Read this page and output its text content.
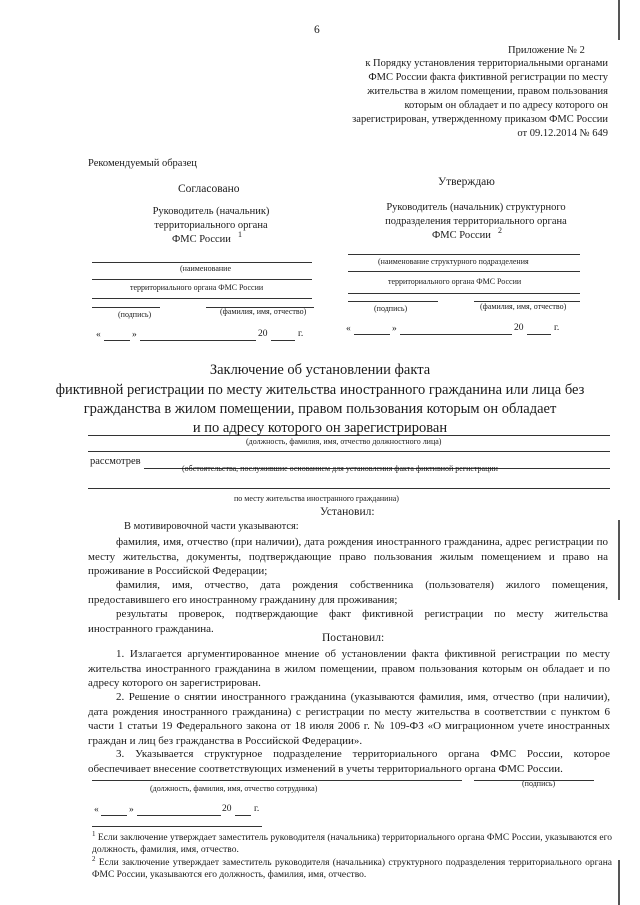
6
Приложение № 2
к Порядку установления территориальными органами
ФМС России факта фиктивной регистрации по месту
жительства в жилом помещении, правом пользования
которым он обладает и по адресу которого он
зарегистрирован, утвержденному приказом ФМС России
от 09.12.2014 № 649
Рекомендуемый образец
Согласовано
Руководитель (начальник)
территориального органа
ФМС России 1
(наименование
территориального органа ФМС России
(подпись)	(фамилия, имя, отчество)
«	»	20	г.
Утверждаю
Руководитель (начальник) структурного
подразделения территориального органа
ФМС России 2
(наименование структурного подразделения
территориального органа ФМС России
(подпись)	(фамилия, имя, отчество)
«	»	20	г.
Заключение об установлении факта
фиктивной регистрации по месту жительства иностранного гражданина или лица без
гражданства в жилом помещении, правом пользования которым он обладает
и по адресу которого он зарегистрирован
(должность, фамилия, имя, отчество должностного лица)
рассмотрев
(обстоятельства, послужившие основанием для установления факта фиктивной регистрации
по месту жительства иностранного гражданина)
Установил:
В мотивировочной части указываются:
фамилия, имя, отчество (при наличии), дата рождения иностранного гражданина, адрес регистрации по месту жительства, документы, подтверждающие право пользования жилым помещением и право на проживание в Российской Федерации;
фамилия, имя, отчество, дата рождения собственника (пользователя) жилого помещения, предоставившего его иностранному гражданину для проживания;
результаты проверок, подтверждающие факт фиктивной регистрации по месту жительства иностранного гражданина.
Постановил:
1. Излагается аргументированное мнение об установлении факта фиктивной регистрации по месту жительства иностранного гражданина в жилом помещении, правом пользования которым он обладает и по адресу которого он зарегистрирован.
2. Решение о снятии иностранного гражданина (указываются фамилия, имя, отчество (при наличии), дата рождения иностранного гражданина) с регистрации по месту жительства в соответствии с пунктом 6 части 1 статьи 19 Федерального закона от 18 июля 2006 г. № 109-ФЗ «О миграционном учете иностранных граждан и лиц без гражданства в Российской Федерации».
3. Указывается структурное подразделение территориального органа ФМС России, которое обеспечивает внесение соответствующих изменений в учеты территориального органа ФМС России.
(должность, фамилия, имя, отчество сотрудника)
(подпись)
«	»	20 г.
$^1$ Если заключение утверждает заместитель руководителя (начальника) территориального органа ФМС России, указываются его должность, фамилия, имя, отчество.
$^2$ Если заключение утверждает заместитель руководителя (начальника) структурного подразделения территориального органа ФМС России, указываются его должность, фамилия, имя, отчество.
